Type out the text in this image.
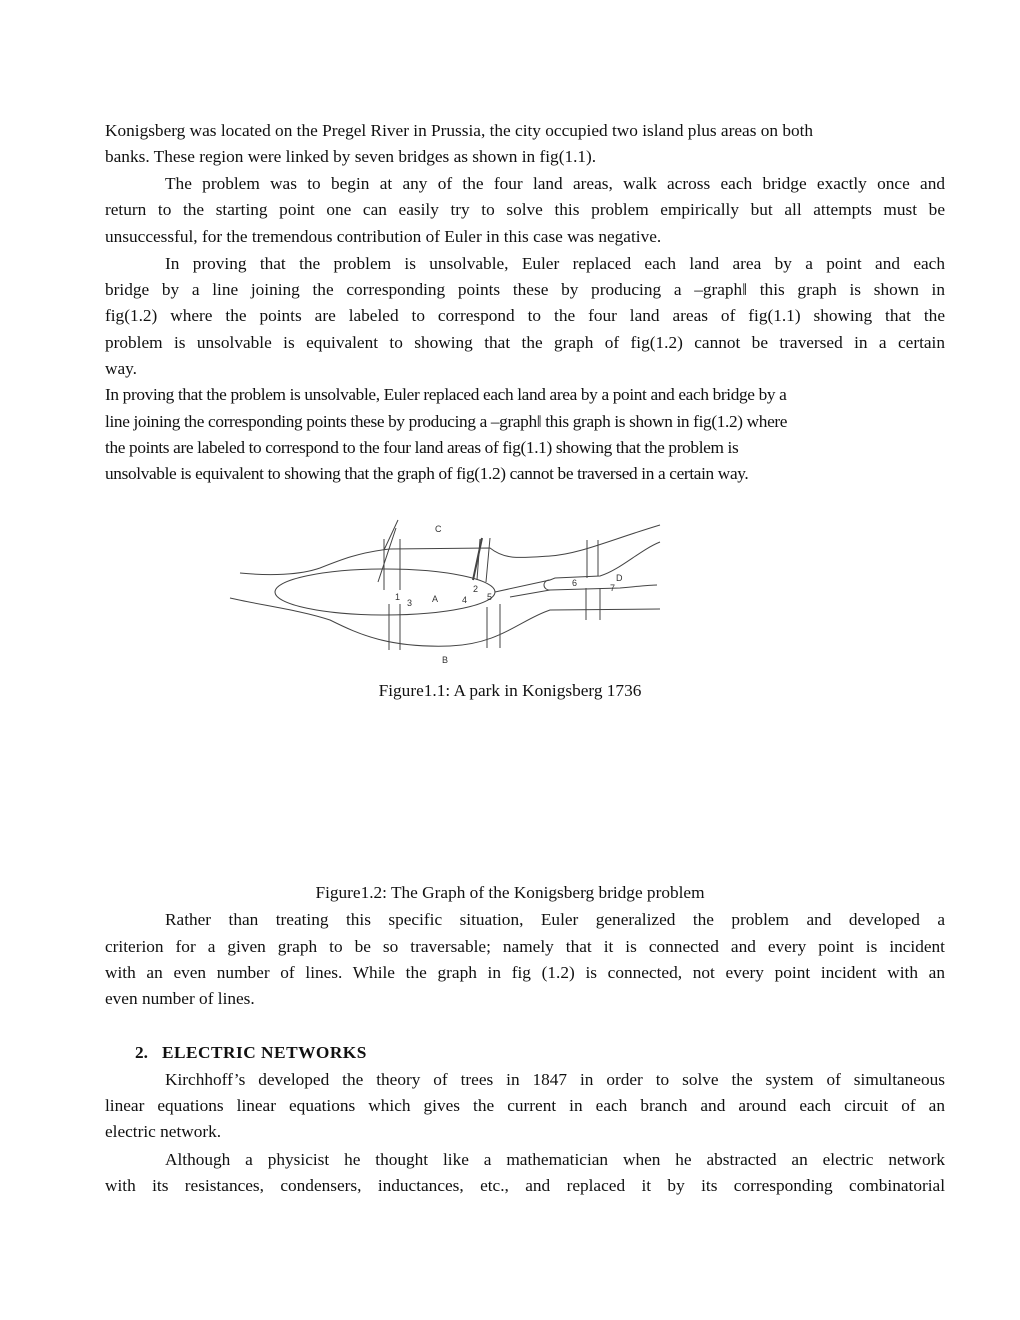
Konigsberg was located on the Pregel River in Prussia, the city occupied two island plus areas on both
banks. These region were linked by seven bridges as shown in fig(1.1).
The problem was to begin at any of the four land areas, walk across each bridge exactly once and
return to the starting point one can easily try to solve this problem empirically but all attempts must be
unsuccessful, for the tremendous contribution of Euler in this case was negative.
In proving that the problem is unsolvable, Euler replaced each land area by a point and each
bridge by a line joining the corresponding points these by producing a –graph‖ this graph is shown in
fig(1.2) where the points are labeled to correspond to the four land areas of fig(1.1) showing that the
problem is unsolvable is equivalent to showing that the graph of fig(1.2) cannot be traversed in a certain
way.
In proving that the problem is unsolvable, Euler replaced each land area by a point and each bridge by a
line joining the corresponding points these by producing a –graph‖ this graph is shown in fig(1.2) where
the points are labeled to correspond to the four land areas of fig(1.1) showing that the problem is
unsolvable is equivalent to showing that the graph of fig(1.2) cannot be traversed in a certain way.
C
B
A
D
1
2
3	4 5
6	7
Figure1.1: A park in Konigsberg 1736
Figure1.2: The Graph of the Konigsberg bridge problem
Rather than treating this specific situation, Euler generalized the problem and developed a
criterion for a given graph to be so traversable; namely that it is connected and every point is incident
with an even number of lines. While the graph in fig (1.2) is connected, not every point incident with an
even number of lines.
2. ELECTRIC NETWORKS
Kirchhoff’s developed the theory of trees in 1847 in order to solve the system of simultaneous
linear equations linear equations which gives the current in each branch and around each circuit of an
electric network.
Although a physicist he thought like a mathematician when he abstracted an electric network
with its resistances, condensers, inductances, etc., and replaced it by its corresponding combinatorial
